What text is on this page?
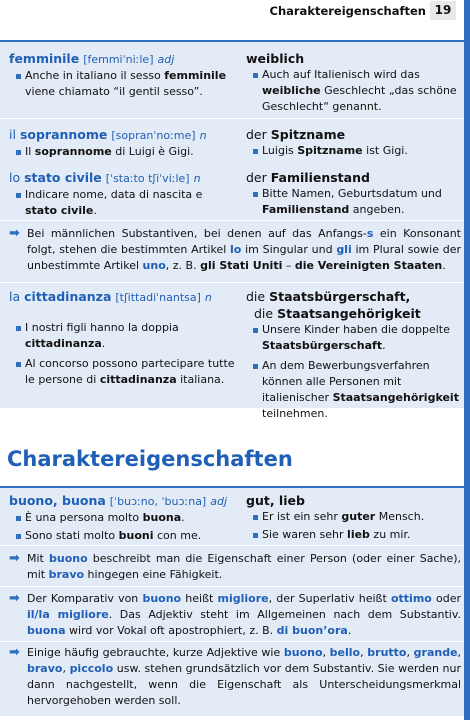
Charaktereigenschaften 19
femminile [femmiˈniːle] adj
Anche in italiano il sesso femminile viene chiamato “il gentil sesso”.
weiblich
Auch auf Italienisch wird das weibliche Geschlecht „das schöne Geschlecht“ genannt.
il soprannome [sopranˈnoːme] n
Il soprannome di Luigi è Gigi.
der Spitzname
Luigis Spitzname ist Gigi.
lo stato civile [ˈstaːto tʃiˈviːle] n
Indicare nome, data di nascita e stato civile.
der Familienstand
Bitte Namen, Geburtsdatum und Familienstand angeben.
➡ Bei männlichen Substantiven, bei denen auf das Anfangs-s ein Konsonant folgt, stehen die bestimmten Artikel lo im Singular und gli im Plural sowie der unbestimmte Artikel uno, z. B. gli Stati Uniti – die Vereinigten Staaten.
la cittadinanza [tʃittadiˈnantsa] n
I nostri figli hanno la doppia cittadinanza.
Al concorso possono partecipare tutte le persone di cittadinanza italiana.
die Staatsbürgerschaft,
die Staatsangehörigkeit
Unsere Kinder haben die doppelte Staatsbürgerschaft.
An dem Bewerbungsverfahren können alle Personen mit italienischer Staatsangehörigkeit teilnehmen.
Charaktereigenschaften
buono, buona [ˈbuɔːno, ˈbuɔːna] adj
È una persona molto buona.
Sono stati molto buoni con me.
gut, lieb
Er ist ein sehr guter Mensch.
Sie waren sehr lieb zu mir.
➡ Mit buono beschreibt man die Eigenschaft einer Person (oder einer Sache), mit bravo hingegen eine Fähigkeit.
➡ Der Komparativ von buono heißt migliore, der Superlativ heißt ottimo oder il/la migliore. Das Adjektiv steht im Allgemeinen nach dem Substantiv. buona wird vor Vokal oft apostrophiert, z. B. di buon’ora.
➡ Einige häufig gebrauchte, kurze Adjektive wie buono, bello, brutto, grande, bravo, piccolo usw. stehen grundsätzlich vor dem Substantiv. Sie werden nur dann nachgestellt, wenn die Eigenschaft als Unterscheidungsmerkmal hervorgehoben werden soll.
